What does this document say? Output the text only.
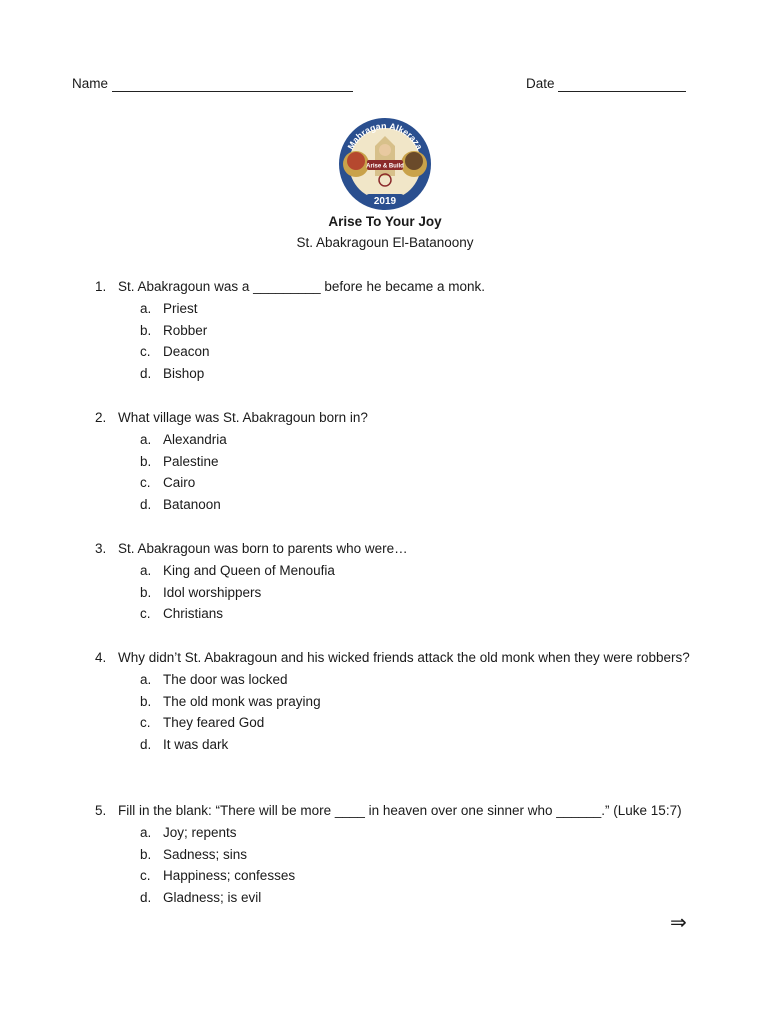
Name	Date
Mahragan Alkeraza
Arise & Build
2019
Arise To Your Joy
St. Abakragoun El-Batanoony
1. St. Abakragoun was a _________ before he became a monk.
a. Priest
b. Robber
c. Deacon
d. Bishop
2. What village was St. Abakragoun born in?
a. Alexandria
b. Palestine
c. Cairo
d. Batanoon
3. St. Abakragoun was born to parents who were…
a. King and Queen of Menoufia
b. Idol worshippers
c. Christians
4. Why didn’t St. Abakragoun and his wicked friends attack the old monk when they were robbers?
a. The door was locked
b. The old monk was praying
c. They feared God
d. It was dark
5. Fill in the blank: “There will be more ____ in heaven over one sinner who ______.” (Luke 15:7)
a. Joy; repents
b. Sadness; sins
c. Happiness; confesses
d. Gladness; is evil
⇒
